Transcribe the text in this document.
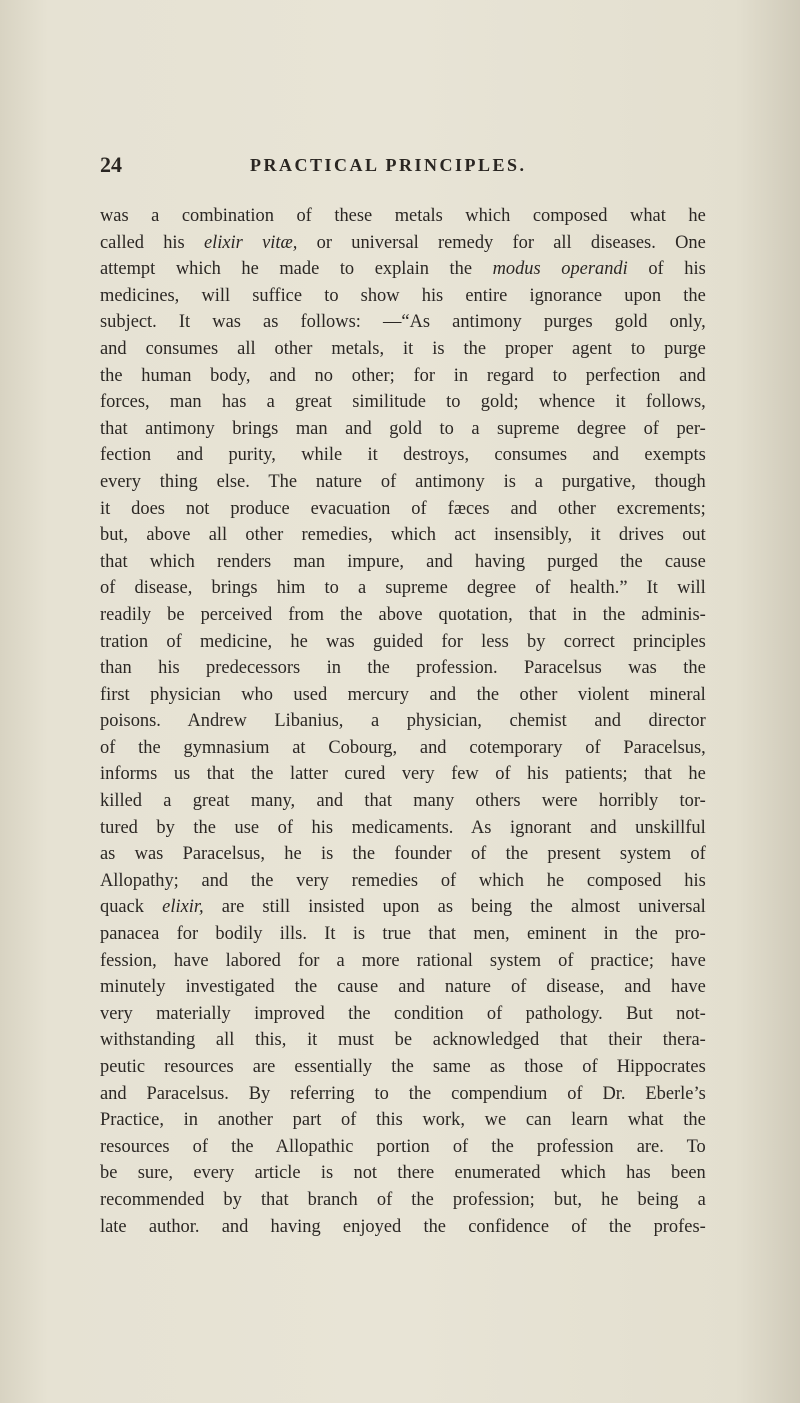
24	PRACTICAL PRINCIPLES.
was a combination of these metals which composed what he
called his elixir vitæ, or universal remedy for all diseases. One
attempt which he made to explain the modus operandi of his
medicines, will suffice to show his entire ignorance upon the
subject. It was as follows: —“As antimony purges gold only,
and consumes all other metals, it is the proper agent to purge
the human body, and no other; for in regard to perfection and
forces, man has a great similitude to gold; whence it follows,
that antimony brings man and gold to a supreme degree of per-
fection and purity, while it destroys, consumes and exempts
every thing else. The nature of antimony is a purgative, though
it does not produce evacuation of fæces and other excrements;
but, above all other remedies, which act insensibly, it drives out
that which renders man impure, and having purged the cause
of disease, brings him to a supreme degree of health.” It will
readily be perceived from the above quotation, that in the adminis-
tration of medicine, he was guided for less by correct principles
than his predecessors in the profession. Paracelsus was the
first physician who used mercury and the other violent mineral
poisons. Andrew Libanius, a physician, chemist and director
of the gymnasium at Cobourg, and cotemporary of Paracelsus,
informs us that the latter cured very few of his patients; that he
killed a great many, and that many others were horribly tor-
tured by the use of his medicaments. As ignorant and unskillful
as was Paracelsus, he is the founder of the present system of
Allopathy; and the very remedies of which he composed his
quack elixir, are still insisted upon as being the almost universal
panacea for bodily ills. It is true that men, eminent in the pro-
fession, have labored for a more rational system of practice; have
minutely investigated the cause and nature of disease, and have
very materially improved the condition of pathology. But not-
withstanding all this, it must be acknowledged that their thera-
peutic resources are essentially the same as those of Hippocrates
and Paracelsus. By referring to the compendium of Dr. Eberle’s
Practice, in another part of this work, we can learn what the
resources of the Allopathic portion of the profession are. To
be sure, every article is not there enumerated which has been
recommended by that branch of the profession; but, he being a
late author. and having enjoyed the confidence of the profes-
